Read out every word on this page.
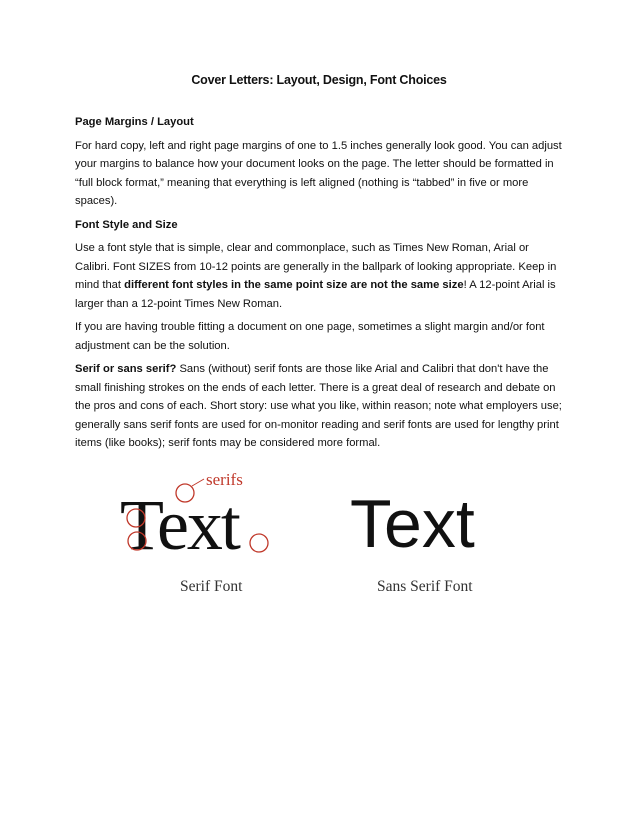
Cover Letters: Layout, Design, Font Choices

Page Margins / Layout

For hard copy, left and right page margins of one to 1.5 inches generally look good. You can adjust your margins to balance how your document looks on the page. The letter should be formatted in “full block format,” meaning that everything is left aligned (nothing is “tabbed” in five or more spaces).

Font Style and Size

Use a font style that is simple, clear and commonplace, such as Times New Roman, Arial or Calibri. Font SIZES from 10-12 points are generally in the ballpark of looking appropriate. Keep in mind that different font styles in the same point size are not the same size! A 12-point Arial is larger than a 12-point Times New Roman.

If you are having trouble fitting a document on one page, sometimes a slight margin and/or font adjustment can be the solution.

Serif or sans serif? Sans (without) serif fonts are those like Arial and Calibri that don't have the small finishing strokes on the ends of each letter. There is a great deal of research and debate on the pros and cons of each. Short story: use what you like, within reason; note what employers use; generally sans serif fonts are used for on-monitor reading and serif fonts are used for lengthy print items (like books); serif fonts may be considered more formal.

serifs
Text Text
Serif Font	Sans Serif Font
